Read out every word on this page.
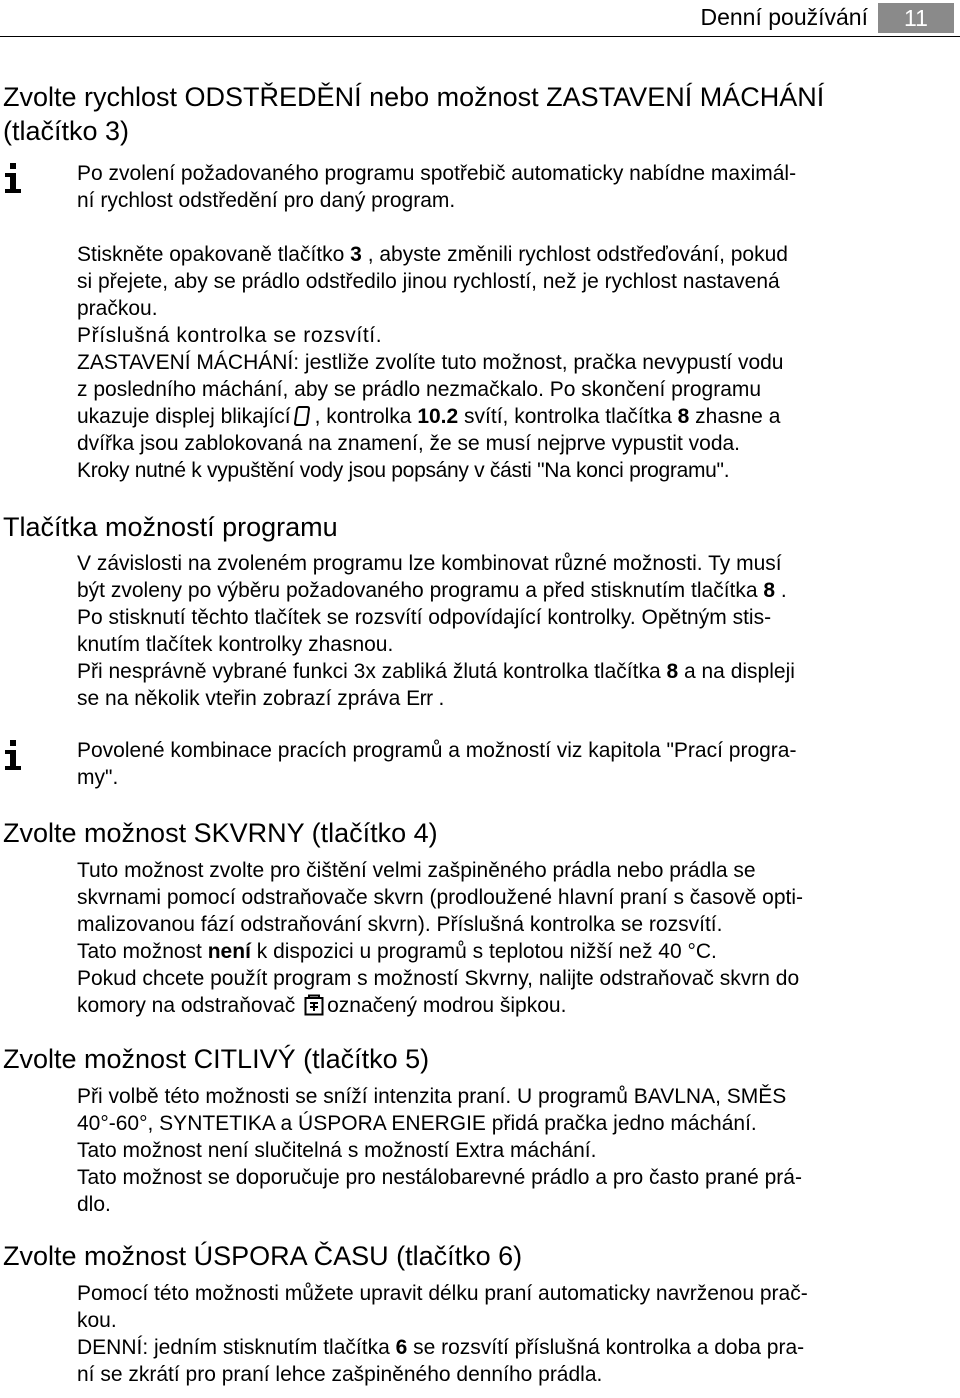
Denní používání	11
Zvolte rychlost ODSTŘEDĚNÍ nebo možnost ZASTAVENÍ MÁCHÁNÍ
(tlačítko 3)

Po zvolení požadovaného programu spotřebič automaticky nabídne maximál-

ní rychlost odstředění pro daný program.

Stiskněte opakovaně tlačítko 3 , abyste změnili rychlost odstřeďování, pokud

si přejete, aby se prádlo odstředilo jinou rychlostí, než je rychlost nastavená

pračkou.

Příslušná kontrolka se rozsvítí.

ZASTAVENÍ MÁCHÁNÍ: jestliže zvolíte tuto možnost, pračka nevypustí vodu

z posledního máchání, aby se prádlo nezmačkalo. Po skončení programu

ukazuje displej blikající , kontrolka 10.2 svítí, kontrolka tlačítka 8 zhasne a

dvířka jsou zablokovaná na znamení, že se musí nejprve vypustit voda.

Kroky nutné k vypuštění vody jsou popsány v části "Na konci programu".

Tlačítka možností programu

V závislosti na zvoleném programu lze kombinovat různé možnosti. Ty musí

být zvoleny po výběru požadovaného programu a před stisknutím tlačítka 8 .

Po stisknutí těchto tlačítek se rozsvítí odpovídající kontrolky. Opětným stis-

knutím tlačítek kontrolky zhasnou.

Při nesprávně vybrané funkci 3x zabliká žlutá kontrolka tlačítka 8 a na displeji

se na několik vteřin zobrazí zpráva Err .

Povolené kombinace pracích programů a možností viz kapitola "Prací progra-

my".

Zvolte možnost SKVRNY (tlačítko 4)

Tuto možnost zvolte pro čištění velmi zašpiněného prádla nebo prádla se

skvrnami pomocí odstraňovače skvrn (prodloužené hlavní praní s časově opti-

malizovanou fází odstraňování skvrn). Příslušná kontrolka se rozsvítí.

Tato možnost není k dispozici u programů s teplotou nižší než 40 °C.

Pokud chcete použít program s možností Skvrny, nalijte odstraňovač skvrn do

komory na odstraňovač označený modrou šipkou.

Zvolte možnost CITLIVÝ (tlačítko 5)

Při volbě této možnosti se sníží intenzita praní. U programů BAVLNA, SMĚS

40°-60°, SYNTETIKA a ÚSPORA ENERGIE přidá pračka jedno máchání.

Tato možnost není slučitelná s možností Extra máchání.

Tato možnost se doporučuje pro nestálobarevné prádlo a pro často prané prá-

dlo.

Zvolte možnost ÚSPORA ČASU (tlačítko 6)

Pomocí této možnosti můžete upravit délku praní automaticky navrženou prač-

kou.

DENNÍ: jedním stisknutím tlačítka 6 se rozsvítí příslušná kontrolka a doba pra-

ní se zkrátí pro praní lehce zašpiněného denního prádla.
